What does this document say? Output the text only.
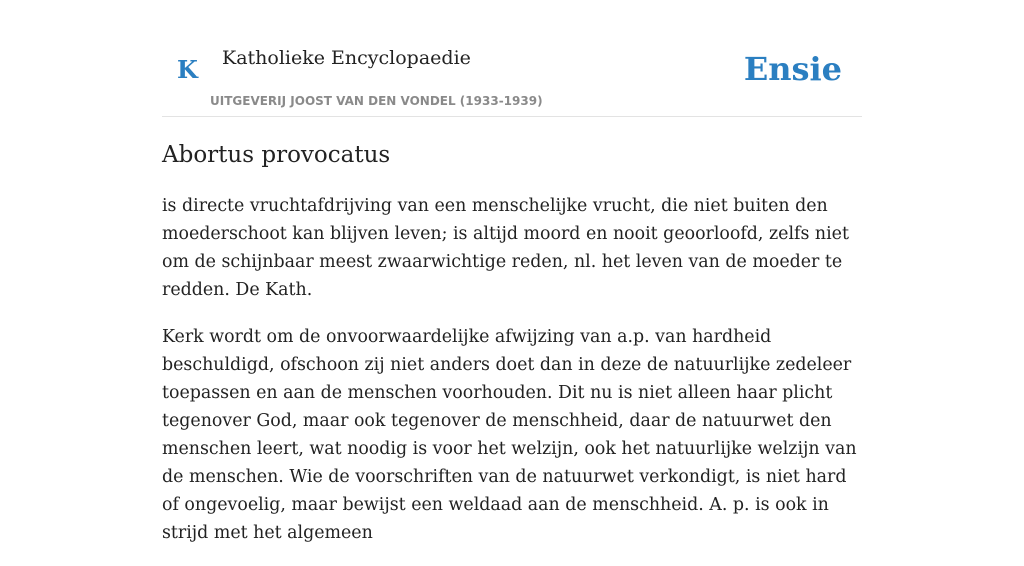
K Katholieke Encyclopaedie
UITGEVERIJ JOOST VAN DEN VONDEL (1933-1939)
Ensie
Abortus provocatus

is directe vruchtafdrijving van een menschelijke vrucht, die niet buiten den moederschoot kan blijven leven; is altijd moord en nooit geoorloofd, zelfs niet om de schijnbaar meest zwaarwichtige reden, nl. het leven van de moeder te redden. De Kath.

Kerk wordt om de onvoorwaardelijke afwijzing van a.p. van hardheid beschuldigd, ofschoon zij niet anders doet dan in deze de natuurlijke zedeleer toepassen en aan de menschen voorhouden. Dit nu is niet alleen haar plicht tegenover God, maar ook tegenover de menschheid, daar de natuurwet den menschen leert, wat noodig is voor het welzijn, ook het natuurlijke welzijn van de menschen. Wie de voorschriften van de natuurwet verkondigt, is niet hard of ongevoelig, maar bewijst een weldaad aan de menschheid. A. p. is ook in strijd met het algemeen
